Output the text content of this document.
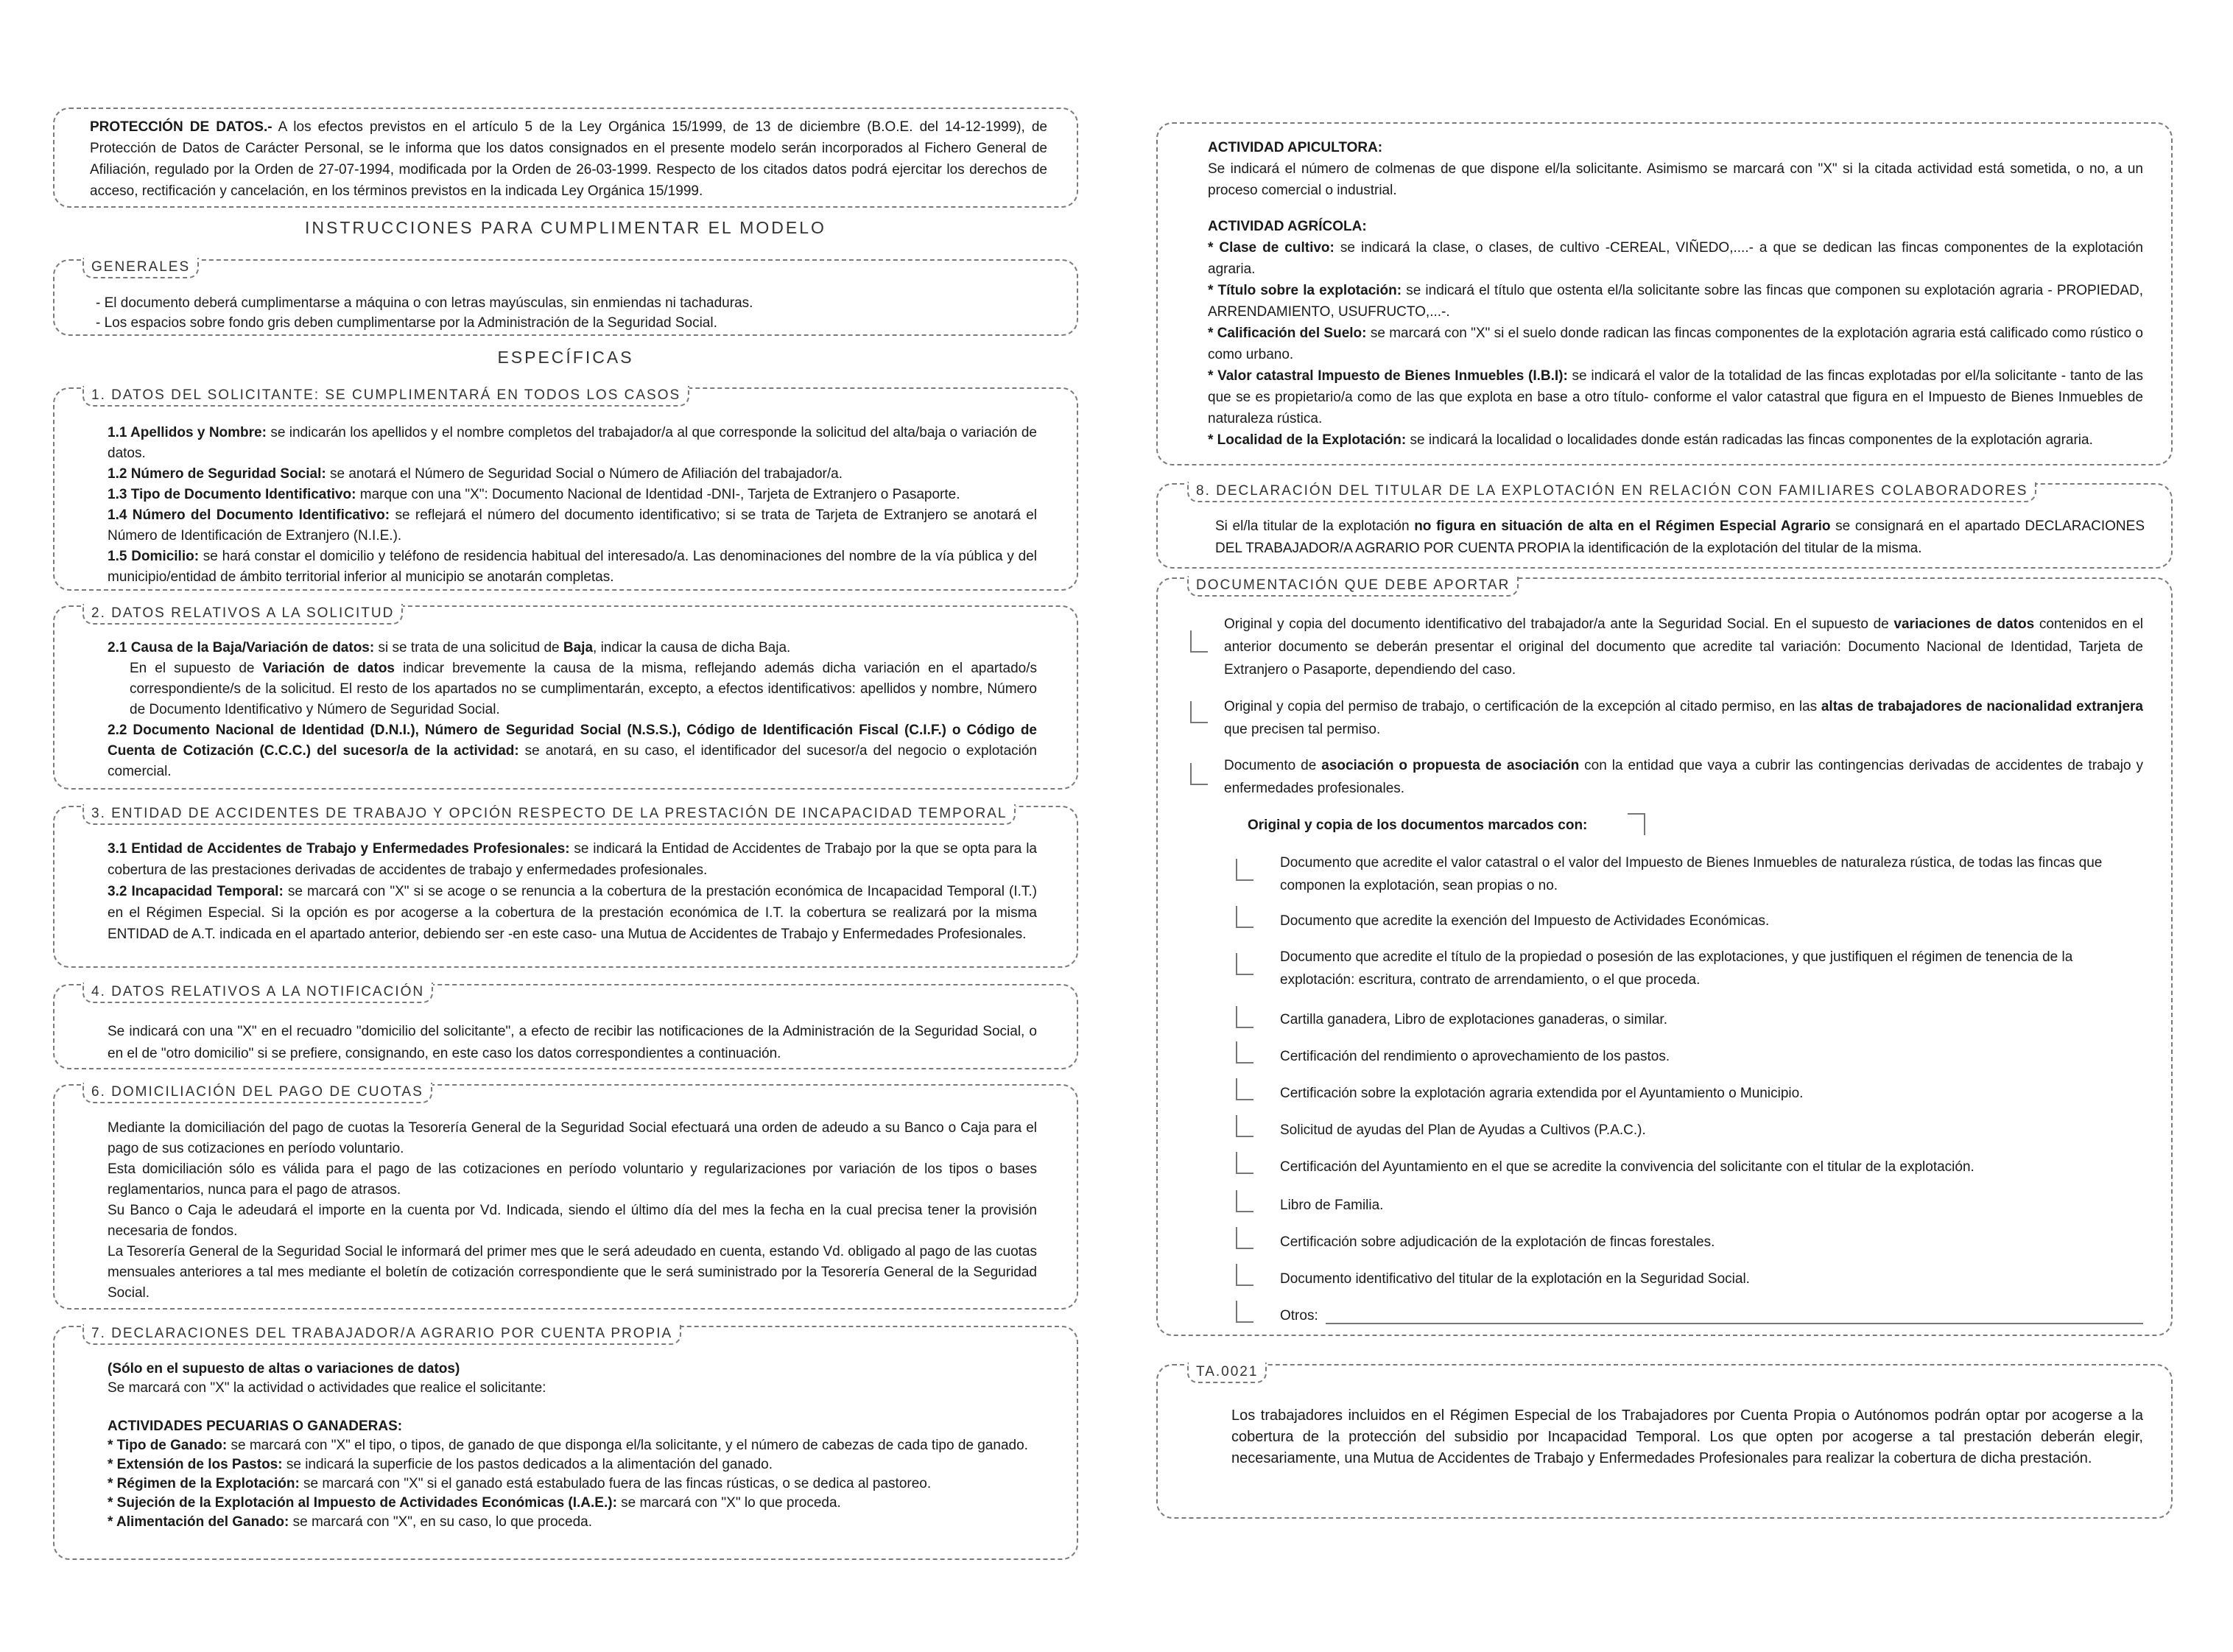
PROTECCIÓN DE DATOS.- A los efectos previstos en el artículo 5 de la Ley Orgánica 15/1999, de 13 de diciembre (B.O.E. del 14-12-1999), de Protección de Datos de Carácter Personal, se le informa que los datos consignados en el presente modelo serán incorporados al Fichero General de Afiliación, regulado por la Orden de 27-07-1994, modificada por la Orden de 26-03-1999. Respecto de los citados datos podrá ejercitar los derechos de acceso, rectificación y cancelación, en los términos previstos en la indicada Ley Orgánica 15/1999.
INSTRUCCIONES PARA CUMPLIMENTAR EL MODELO
GENERALES
- El documento deberá cumplimentarse a máquina o con letras mayúsculas, sin enmiendas ni tachaduras.
- Los espacios sobre fondo gris deben cumplimentarse por la Administración de la Seguridad Social.
ESPECÍFICAS
1. DATOS DEL SOLICITANTE: SE CUMPLIMENTARÁ EN TODOS LOS CASOS
1.1 Apellidos y Nombre: se indicarán los apellidos y el nombre completos del trabajador/a al que corresponde la solicitud del alta/baja o variación de datos.
1.2 Número de Seguridad Social: se anotará el Número de Seguridad Social o Número de Afiliación del trabajador/a.
1.3 Tipo de Documento Identificativo: marque con una "X": Documento Nacional de Identidad -DNI-, Tarjeta de Extranjero o Pasaporte.
1.4 Número del Documento Identificativo: se reflejará el número del documento identificativo; si se trata de Tarjeta de Extranjero se anotará el Número de Identificación de Extranjero (N.I.E.).
1.5 Domicilio: se hará constar el domicilio y teléfono de residencia habitual del interesado/a. Las denominaciones del nombre de la vía pública y del municipio/entidad de ámbito territorial inferior al municipio se anotarán completas.
2. DATOS RELATIVOS A LA SOLICITUD
2.1 Causa de la Baja/Variación de datos: si se trata de una solicitud de Baja, indicar la causa de dicha Baja.
En el supuesto de Variación de datos indicar brevemente la causa de la misma, reflejando además dicha variación en el apartado/s correspondiente/s de la solicitud. El resto de los apartados no se cumplimentarán, excepto, a efectos identificativos: apellidos y nombre, Número de Documento Identificativo y Número de Seguridad Social.
2.2 Documento Nacional de Identidad (D.N.I.), Número de Seguridad Social (N.S.S.), Código de Identificación Fiscal (C.I.F.) o Código de Cuenta de Cotización (C.C.C.) del sucesor/a de la actividad: se anotará, en su caso, el identificador del sucesor/a del negocio o explotación comercial.
3. ENTIDAD DE ACCIDENTES DE TRABAJO Y OPCIÓN RESPECTO DE LA PRESTACIÓN DE INCAPACIDAD TEMPORAL
3.1 Entidad de Accidentes de Trabajo y Enfermedades Profesionales: se indicará la Entidad de Accidentes de Trabajo por la que se opta para la cobertura de las prestaciones derivadas de accidentes de trabajo y enfermedades profesionales.
3.2 Incapacidad Temporal: se marcará con "X" si se acoge o se renuncia a la cobertura de la prestación económica de Incapacidad Temporal (I.T.) en el Régimen Especial. Si la opción es por acogerse a la cobertura de la prestación económica de I.T. la cobertura se realizará por la misma ENTIDAD de A.T. indicada en el apartado anterior, debiendo ser -en este caso- una Mutua de Accidentes de Trabajo y Enfermedades Profesionales.
4. DATOS RELATIVOS A LA NOTIFICACIÓN
Se indicará con una "X" en el recuadro "domicilio del solicitante", a efecto de recibir las notificaciones de la Administración de la Seguridad Social, o en el de "otro domicilio" si se prefiere, consignando, en este caso los datos correspondientes a continuación.
6. DOMICILIACIÓN DEL PAGO DE CUOTAS
Mediante la domiciliación del pago de cuotas la Tesorería General de la Seguridad Social efectuará una orden de adeudo a su Banco o Caja para el pago de sus cotizaciones en período voluntario.
Esta domiciliación sólo es válida para el pago de las cotizaciones en período voluntario y regularizaciones por variación de los tipos o bases reglamentarios, nunca para el pago de atrasos.
Su Banco o Caja le adeudará el importe en la cuenta por Vd. Indicada, siendo el último día del mes la fecha en la cual precisa tener la provisión necesaria de fondos.
La Tesorería General de la Seguridad Social le informará del primer mes que le será adeudado en cuenta, estando Vd. obligado al pago de las cuotas mensuales anteriores a tal mes mediante el boletín de cotización correspondiente que le será suministrado por la Tesorería General de la Seguridad Social.
7. DECLARACIONES DEL TRABAJADOR/A AGRARIO POR CUENTA PROPIA
(Sólo en el supuesto de altas o variaciones de datos)
Se marcará con "X" la actividad o actividades que realice el solicitante:
ACTIVIDADES PECUARIAS O GANADERAS:
* Tipo de Ganado: se marcará con "X" el tipo, o tipos, de ganado de que disponga el/la solicitante, y el número de cabezas de cada tipo de ganado.
* Extensión de los Pastos: se indicará la superficie de los pastos dedicados a la alimentación del ganado.
* Régimen de la Explotación: se marcará con "X" si el ganado está estabulado fuera de las fincas rústicas, o se dedica al pastoreo.
* Sujeción de la Explotación al Impuesto de Actividades Económicas (I.A.E.): se marcará con "X" lo que proceda.
* Alimentación del Ganado: se marcará con "X", en su caso, lo que proceda.
ACTIVIDAD APICULTORA:
Se indicará el número de colmenas de que dispone el/la solicitante. Asimismo se marcará con "X" si la citada actividad está sometida, o no, a un proceso comercial o industrial.
ACTIVIDAD AGRÍCOLA:
* Clase de cultivo: se indicará la clase, o clases, de cultivo -CEREAL, VIÑEDO,....- a que se dedican las fincas componentes de la explotación agraria.
* Título sobre la explotación: se indicará el título que ostenta el/la solicitante sobre las fincas que componen su explotación agraria - PROPIEDAD, ARRENDAMIENTO, USUFRUCTO,...-.
* Calificación del Suelo: se marcará con "X" si el suelo donde radican las fincas componentes de la explotación agraria está calificado como rústico o como urbano.
* Valor catastral Impuesto de Bienes Inmuebles (I.B.I): se indicará el valor de la totalidad de las fincas explotadas por el/la solicitante - tanto de las que se es propietario/a como de las que explota en base a otro título- conforme el valor catastral que figura en el Impuesto de Bienes Inmuebles de naturaleza rústica.
* Localidad de la Explotación: se indicará la localidad o localidades donde están radicadas las fincas componentes de la explotación agraria.
8. DECLARACIÓN DEL TITULAR DE LA EXPLOTACIÓN EN RELACIÓN CON FAMILIARES COLABORADORES
Si el/la titular de la explotación no figura en situación de alta en el Régimen Especial Agrario se consignará en el apartado DECLARACIONES DEL TRABAJADOR/A AGRARIO POR CUENTA PROPIA la identificación de la explotación del titular de la misma.
DOCUMENTACIÓN QUE DEBE APORTAR
Original y copia del documento identificativo del trabajador/a ante la Seguridad Social. En el supuesto de variaciones de datos contenidos en el anterior documento se deberán presentar el original del documento que acredite tal variación: Documento Nacional de Identidad, Tarjeta de Extranjero o Pasaporte, dependiendo del caso.
Original y copia del permiso de trabajo, o certificación de la excepción al citado permiso, en las altas de trabajadores de nacionalidad extranjera que precisen tal permiso.
Documento de asociación o propuesta de asociación con la entidad que vaya a cubrir las contingencias derivadas de accidentes de trabajo y enfermedades profesionales.
Original y copia de los documentos marcados con:
Documento que acredite el valor catastral o el valor del Impuesto de Bienes Inmuebles de naturaleza rústica, de todas las fincas que componen la explotación, sean propias o no.
Documento que acredite la exención del Impuesto de Actividades Económicas.
Documento que acredite el título de la propiedad o posesión de las explotaciones, y que justifiquen el régimen de tenencia de la explotación: escritura, contrato de arrendamiento, o el que proceda.
Cartilla ganadera, Libro de explotaciones ganaderas, o similar.
Certificación del rendimiento o aprovechamiento de los pastos.
Certificación sobre la explotación agraria extendida por el Ayuntamiento o Municipio.
Solicitud de ayudas del Plan de Ayudas a Cultivos (P.A.C.).
Certificación del Ayuntamiento en el que se acredite la convivencia del solicitante con el titular de la explotación.
Libro de Familia.
Certificación sobre adjudicación de la explotación de fincas forestales.
Documento identificativo del titular de la explotación en la Seguridad Social.
Otros:
TA.0021
Los trabajadores incluidos en el Régimen Especial de los Trabajadores por Cuenta Propia o Autónomos podrán optar por acogerse a la cobertura de la protección del subsidio por Incapacidad Temporal. Los que opten por acogerse a tal prestación deberán elegir, necesariamente, una Mutua de Accidentes de Trabajo y Enfermedades Profesionales para realizar la cobertura de dicha prestación.
